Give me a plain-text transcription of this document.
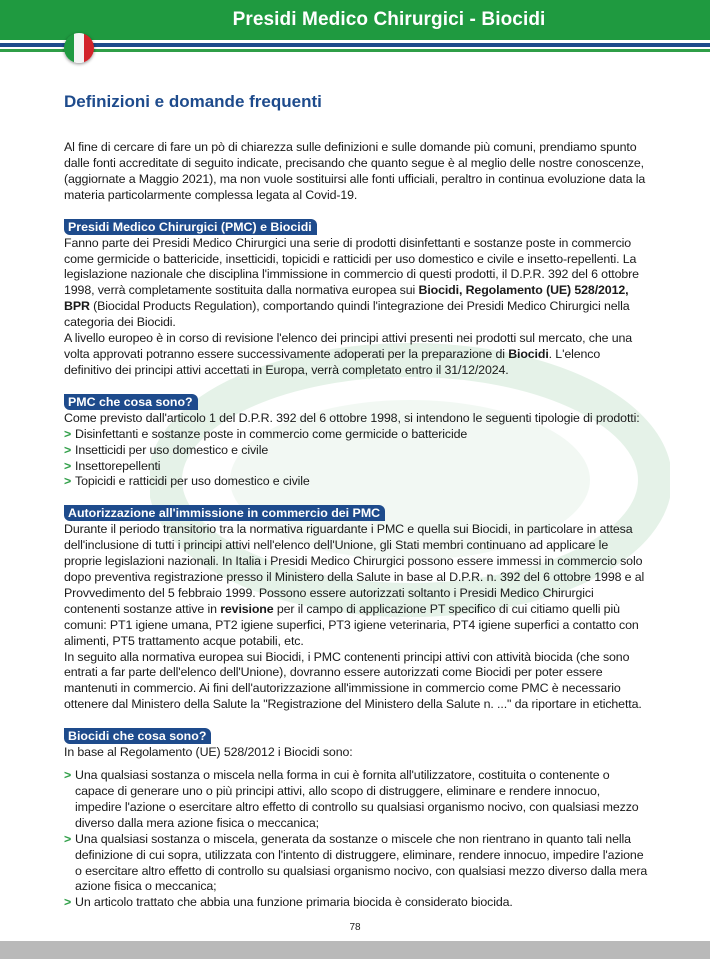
Presidi Medico Chirurgici - Biocidi
Definizioni e domande frequenti

Al fine di cercare di fare un pò di chiarezza sulle definizioni e sulle domande più comuni, prendiamo spunto dalle fonti accreditate di seguito indicate, precisando che quanto segue è al meglio delle nostre conoscenze, (aggiornate a Maggio 2021), ma non vuole sostituirsi alle fonti ufficiali, peraltro in continua evoluzione data la materia particolarmente complessa legata al Covid-19.

Presidi Medico Chirurgici (PMC) e Biocidi

Fanno parte dei Presidi Medico Chirurgici una serie di prodotti disinfettanti e sostanze poste in commercio come germicide o battericide, insetticidi, topicidi e ratticidi per uso domestico e civile e insetto-repellenti. La legislazione nazionale che disciplina l'immissione in commercio di questi prodotti, il D.P.R. 392 del 6 ottobre 1998, verrà completamente sostituita dalla normativa europea sui Biocidi, Regolamento (UE) 528/2012, BPR (Biocidal Products Regulation), comportando quindi l'integrazione dei Presidi Medico Chirurgici nella categoria dei Biocidi.

A livello europeo è in corso di revisione l'elenco dei principi attivi presenti nei prodotti sul mercato, che una volta approvati potranno essere successivamente adoperati per la preparazione di Biocidi. L'elenco definitivo dei principi attivi accettati in Europa, verrà completato entro il 31/12/2024.

PMC che cosa sono?

Come previsto dall'articolo 1 del D.P.R. 392 del 6 ottobre 1998, si intendono le seguenti tipologie di prodotti:

> Disinfettanti e sostanze poste in commercio come germicide o battericide
> Insetticidi per uso domestico e civile
> Insettorepellenti
> Topicidi e ratticidi per uso domestico e civile
Autorizzazione all'immissione in commercio dei PMC

Durante il periodo transitorio tra la normativa riguardante i PMC e quella sui Biocidi, in particolare in attesa dell'inclusione di tutti i principi attivi nell'elenco dell'Unione, gli Stati membri continuano ad applicare le proprie legislazioni nazionali. In Italia i Presidi Medico Chirurgici possono essere immessi in commercio solo dopo preventiva registrazione presso il Ministero della Salute in base al D.P.R. n. 392 del 6 ottobre 1998 e al Provvedimento del 5 febbraio 1999. Possono essere autorizzati soltanto i Presidi Medico Chirurgici contenenti sostanze attive in revisione per il campo di applicazione PT specifico di cui citiamo quelli più comuni: PT1 igiene umana, PT2 igiene superfici, PT3 igiene veterinaria, PT4 igiene superfici a contatto con alimenti, PT5 trattamento acque potabili, etc.

In seguito alla normativa europea sui Biocidi, i PMC contenenti principi attivi con attività biocida (che sono entrati a far parte dell'elenco dell'Unione), dovranno essere autorizzati come Biocidi per poter essere mantenuti in commercio. Ai fini dell'autorizzazione all'immissione in commercio come PMC è necessario ottenere dal Ministero della Salute la "Registrazione del Ministero della Salute n. ..." da riportare in etichetta.

Biocidi che cosa sono?

In base al Regolamento (UE) 528/2012 i Biocidi sono:

> Una qualsiasi sostanza o miscela nella forma in cui è fornita all'utilizzatore, costituita o contenente o capace di generare uno o più principi attivi, allo scopo di distruggere, eliminare e rendere innocuo, impedire l'azione o esercitare altro effetto di controllo su qualsiasi organismo nocivo, con qualsiasi mezzo diverso dalla mera azione fisica o meccanica;
> Una qualsiasi sostanza o miscela, generata da sostanze o miscele che non rientrano in quanto tali nella definizione di cui sopra, utilizzata con l'intento di distruggere, eliminare, rendere innocuo, impedire l'azione o esercitare altro effetto di controllo su qualsiasi organismo nocivo, con qualsiasi mezzo diverso dalla mera azione fisica o meccanica;
> Un articolo trattato che abbia una funzione primaria biocida è considerato biocida.
78
